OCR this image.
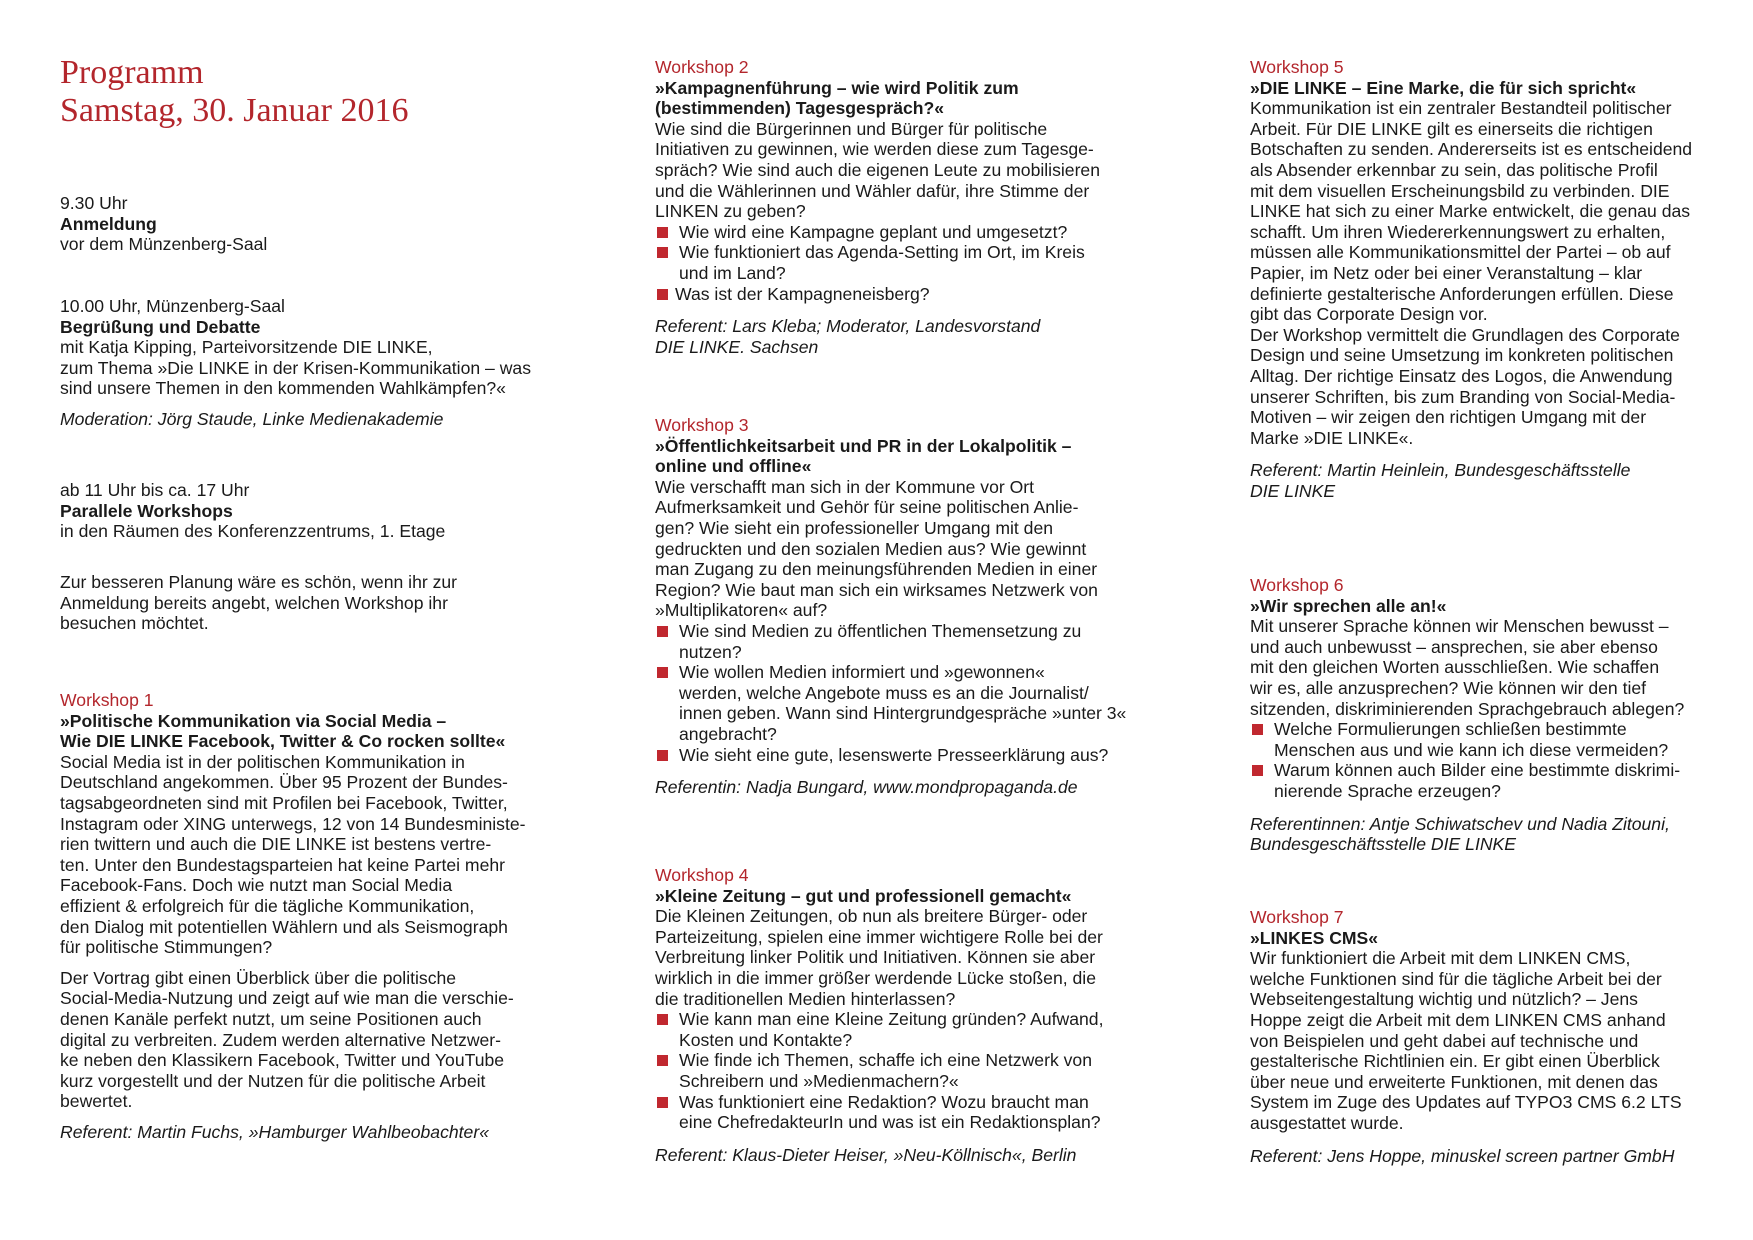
Programm
Samstag, 30. Januar 2016
9.30 Uhr
Anmeldung
vor dem Münzenberg-Saal
10.00 Uhr, Münzenberg-Saal
Begrüßung und Debatte
mit Katja Kipping, Parteivorsitzende DIE LINKE,
zum Thema »Die LINKE in der Krisen-Kommunikation – was
sind unsere Themen in den kommenden Wahlkämpfen?«
Moderation: Jörg Staude, Linke Medienakademie
ab 11 Uhr bis ca. 17 Uhr
Parallele Workshops
in den Räumen des Konferenzzentrums, 1. Etage
Zur besseren Planung wäre es schön, wenn ihr zur
Anmeldung bereits angebt, welchen Workshop ihr
besuchen möchtet.
Workshop 1
»Politische Kommunikation via Social Media –
Wie DIE LINKE Facebook, Twitter & Co rocken sollte«
Social Media ist in der politischen Kommunikation in
Deutschland angekommen. Über 95 Prozent der Bundes-
tagsabgeordneten sind mit Profilen bei Facebook, Twitter,
Instagram oder XING unterwegs, 12 von 14 Bundesministe-
rien twittern und auch die DIE LINKE ist bestens vertre-
ten. Unter den Bundestagsparteien hat keine Partei mehr
Facebook-Fans. Doch wie nutzt man Social Media
effizient & erfolgreich für die tägliche Kommunikation,
den Dialog mit potentiellen Wählern und als Seismograph
für politische Stimmungen?
Der Vortrag gibt einen Überblick über die politische
Social-Media-Nutzung und zeigt auf wie man die verschie-
denen Kanäle perfekt nutzt, um seine Positionen auch
digital zu verbreiten. Zudem werden alternative Netzwer-
ke neben den Klassikern Facebook, Twitter und YouTube
kurz vorgestellt und der Nutzen für die politische Arbeit
bewertet.
Referent: Martin Fuchs, »Hamburger Wahlbeobachter«
Workshop 2
»Kampagnenführung – wie wird Politik zum
(bestimmenden) Tagesgespräch?«
Wie sind die Bürgerinnen und Bürger für politische
Initiativen zu gewinnen, wie werden diese zum Tagesge-
spräch? Wie sind auch die eigenen Leute zu mobilisieren
und die Wählerinnen und Wähler dafür, ihre Stimme der
LINKEN zu geben?
Wie wird eine Kampagne geplant und umgesetzt?
Wie funktioniert das Agenda-Setting im Ort, im Kreis
und im Land?
Was ist der Kampagneneisberg?
Referent: Lars Kleba; Moderator, Landesvorstand
DIE LINKE. Sachsen
Workshop 3
»Öffentlichkeitsarbeit und PR in der Lokalpolitik –
online und offline«
Wie verschafft man sich in der Kommune vor Ort
Aufmerksamkeit und Gehör für seine politischen Anlie-
gen? Wie sieht ein professioneller Umgang mit den
gedruckten und den sozialen Medien aus? Wie gewinnt
man Zugang zu den meinungsführenden Medien in einer
Region? Wie baut man sich ein wirksames Netzwerk von
»Multiplikatoren« auf?
Wie sind Medien zu öffentlichen Themensetzung zu
nutzen?
Wie wollen Medien informiert und »gewonnen«
werden, welche Angebote muss es an die Journalist/
innen geben. Wann sind Hintergrundgespräche »unter 3«
angebracht?
Wie sieht eine gute, lesenswerte Presseerklärung aus?
Referentin: Nadja Bungard, www.mondpropaganda.de
Workshop 4
»Kleine Zeitung – gut und professionell gemacht«
Die Kleinen Zeitungen, ob nun als breitere Bürger- oder
Parteizeitung, spielen eine immer wichtigere Rolle bei der
Verbreitung linker Politik und Initiativen. Können sie aber
wirklich in die immer größer werdende Lücke stoßen, die
die traditionellen Medien hinterlassen?
Wie kann man eine Kleine Zeitung gründen? Aufwand,
Kosten und Kontakte?
Wie finde ich Themen, schaffe ich eine Netzwerk von
Schreibern und »Medienmachern?«
Was funktioniert eine Redaktion? Wozu braucht man
eine ChefredakteurIn und was ist ein Redaktionsplan?
Referent: Klaus-Dieter Heiser, »Neu-Köllnisch«, Berlin
Workshop 5
»DIE LINKE – Eine Marke, die für sich spricht«
Kommunikation ist ein zentraler Bestandteil politischer
Arbeit. Für DIE LINKE gilt es einerseits die richtigen
Botschaften zu senden. Andererseits ist es entscheidend
als Absender erkennbar zu sein, das politische Profil
mit dem visuellen Erscheinungsbild zu verbinden. DIE
LINKE hat sich zu einer Marke entwickelt, die genau das
schafft. Um ihren Wiedererkennungswert zu erhalten,
müssen alle Kommunikationsmittel der Partei – ob auf
Papier, im Netz oder bei einer Veranstaltung – klar
definierte gestalterische Anforderungen erfüllen. Diese
gibt das Corporate Design vor.
Der Workshop vermittelt die Grundlagen des Corporate
Design und seine Umsetzung im konkreten politischen
Alltag. Der richtige Einsatz des Logos, die Anwendung
unserer Schriften, bis zum Branding von Social-Media-
Motiven – wir zeigen den richtigen Umgang mit der
Marke »DIE LINKE«.
Referent: Martin Heinlein, Bundesgeschäftsstelle
DIE LINKE
Workshop 6
»Wir sprechen alle an!«
Mit unserer Sprache können wir Menschen bewusst –
und auch unbewusst – ansprechen, sie aber ebenso
mit den gleichen Worten ausschließen. Wie schaffen
wir es, alle anzusprechen? Wie können wir den tief
sitzenden, diskriminierenden Sprachgebrauch ablegen?
Welche Formulierungen schließen bestimmte
Menschen aus und wie kann ich diese vermeiden?
Warum können auch Bilder eine bestimmte diskrimi-
nierende Sprache erzeugen?
Referentinnen: Antje Schiwatschev und Nadia Zitouni,
Bundesgeschäftsstelle DIE LINKE
Workshop 7
»LINKES CMS«
Wir funktioniert die Arbeit mit dem LINKEN CMS,
welche Funktionen sind für die tägliche Arbeit bei der
Webseitengestaltung wichtig und nützlich? – Jens
Hoppe zeigt die Arbeit mit dem LINKEN CMS anhand
von Beispielen und geht dabei auf technische und
gestalterische Richtlinien ein. Er gibt einen Überblick
über neue und erweiterte Funktionen, mit denen das
System im Zuge des Updates auf TYPO3 CMS 6.2 LTS
ausgestattet wurde.
Referent: Jens Hoppe, minuskel screen partner GmbH
